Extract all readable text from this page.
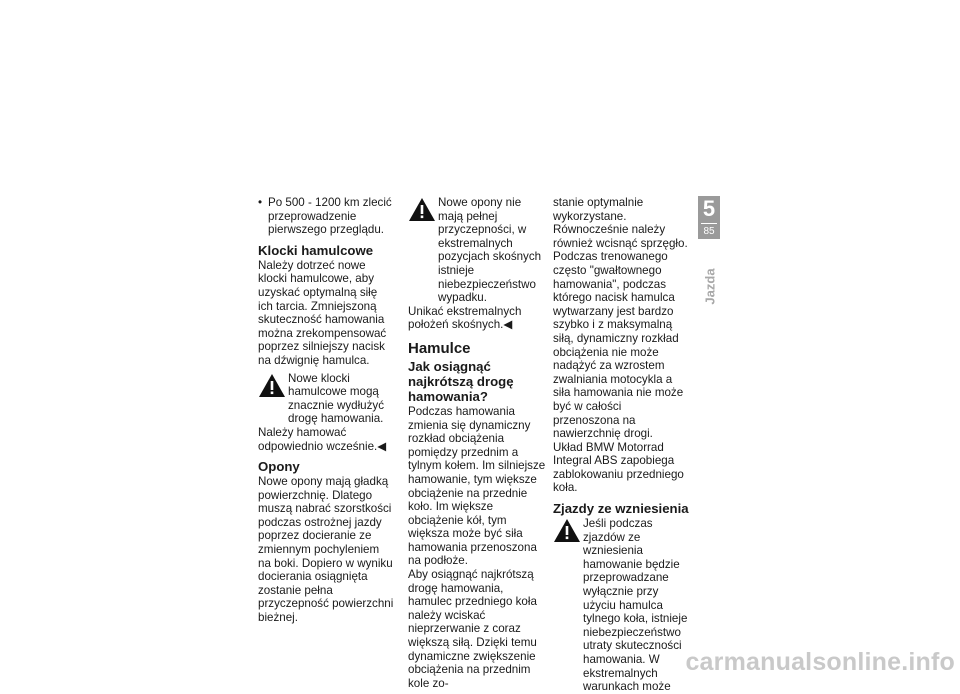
• Po 500 - 1200 km zlecić przeprowadzenie pierwszego przeglądu.

Klocki hamulcowe

Należy dotrzeć nowe klocki hamulcowe, aby uzyskać optymalną siłę ich tarcia. Zmniejszoną skuteczność hamowania można zrekompensować poprzez silniejszy nacisk na dźwignię hamulca.

Nowe klocki hamulcowe mogą znacznie wydłużyć drogę hamowania.

Należy hamować odpowiednio wcześnie.◀

Opony

Nowe opony mają gładką powierzchnię. Dlatego muszą nabrać szorstkości podczas ostrożnej jazdy poprzez docieranie ze zmiennym pochyleniem na boki. Dopiero w wyniku docierania osiągnięta zostanie pełna przyczepność powierzchni bieżnej.

Nowe opony nie mają pełnej przyczepności, w ekstremalnych pozycjach skośnych istnieje niebezpieczeństwo wypadku.

Unikać ekstremalnych położeń skośnych.◀

Hamulce
Jak osiągnąć najkrótszą drogę hamowania?

Podczas hamowania zmienia się dynamiczny rozkład obciążenia pomiędzy przednim a tylnym kołem. Im silniejsze hamowanie, tym większe obciążenie na przednie koło. Im większe obciążenie kół, tym większa może być siła hamowania przenoszona na podłoże.

Aby osiągnąć najkrótszą drogę hamowania, hamulec przedniego koła należy wciskać nieprzerwanie z coraz większą siłą. Dzięki temu dynamiczne zwiększenie obciążenia na przednim kole zo-

stanie optymalnie wykorzystane. Równocześnie należy również wcisnąć sprzęgło. Podczas trenowanego często "gwałtownego hamowania", podczas którego nacisk hamulca wytwarzany jest bardzo szybko i z maksymalną siłą, dynamiczny rozkład obciążenia nie może nadążyć za wzrostem zwalniania motocykla a siła hamowania nie może być w całości przenoszona na nawierzchnię drogi.

Układ BMW Motorrad Integral ABS zapobiega zablokowaniu przedniego koła.

Zjazdy ze wzniesienia

Jeśli podczas zjazdów ze wzniesienia hamowanie będzie przeprowadzane wyłącznie przy użyciu hamulca tylnego koła, istnieje niebezpieczeństwo utraty skuteczności hamowania. W ekstremalnych warunkach może

5
85
Jazda
carmanualsonline.info
